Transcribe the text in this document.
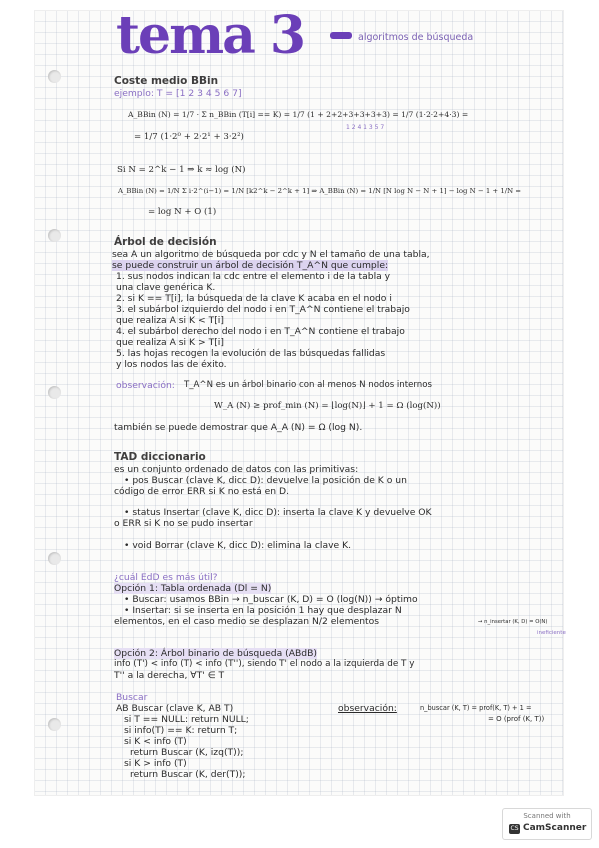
tema 3	algoritmos de búsqueda
Coste medio BBin
ejemplo: T = [1 2 3 4 5 6 7]
A_BBin (N) = 1/7 · Σ n_BBin (T[i] == K) = 1/7 (1 + 2+2+3+3+3+3) = 1/7 (1·2·2+4·3) =
1 2 4 1 3 5 7
= 1/7 (1·2⁰ + 2·2¹ + 3·2²)
Si N = 2^k − 1 ⇒ k ≈ log (N)
A_BBin (N) = 1/N Σ i·2^(i−1) = 1/N [k2^k − 2^k + 1] ⇒ A_BBin (N) = 1/N [N log N − N + 1] − log N − 1 + 1/N =
= log N + O (1)
Árbol de decisión
sea A un algoritmo de búsqueda por cdc y N el tamaño de una tabla,
se puede construir un árbol de decisión T_A^N que cumple:
1. sus nodos indican la cdc entre el elemento i de la tabla y
una clave genérica K.
2. si K == T[i], la búsqueda de la clave K acaba en el nodo i
3. el subárbol izquierdo del nodo i en T_A^N contiene el trabajo
que realiza A si K < T[i]
4. el subárbol derecho del nodo i en T_A^N contiene el trabajo
que realiza A si K > T[i]
5. las hojas recogen la evolución de las búsquedas fallidas
y los nodos las de éxito.
observación: T_A^N es un árbol binario con al menos N nodos internos
W_A (N) ≥ prof_min (N) = ⌊log(N)⌋ + 1 = Ω (log(N))
también se puede demostrar que A_A (N) = Ω (log N).
TAD diccionario
es un conjunto ordenado de datos con las primitivas:
• pos Buscar (clave K, dicc D): devuelve la posición de K o un
código de error ERR si K no está en D.
• status Insertar (clave K, dicc D): inserta la clave K y devuelve OK
o ERR si K no se pudo insertar
• void Borrar (clave K, dicc D): elimina la clave K.
¿cuál EdD es más útil?
Opción 1: Tabla ordenada (Dl = N)
• Buscar: usamos BBin → n_buscar (K, D) = O (log(N)) → óptimo
• Insertar: si se inserta en la posición 1 hay que desplazar N
elementos, en el caso medio se desplazan N/2 elementos	→ n_insertar (K, D) = O(N)
ineficiente
Opción 2: Árbol binario de búsqueda (ABdB)
info (T') < info (T) < info (T''), siendo T' el nodo a la izquierda de T y
T'' a la derecha, ∀T' ∈ T
Buscar
AB Buscar (clave K, AB T)
si T == NULL: return NULL;
si info(T) == K: return T;
si K < info (T)
return Buscar (K, izq(T));
si K > info (T)
return Buscar (K, der(T));
observación:	n_buscar (K, T) = prof(K, T) + 1 =
= O (prof (K, T))
Scanned with
CS CamScanner
